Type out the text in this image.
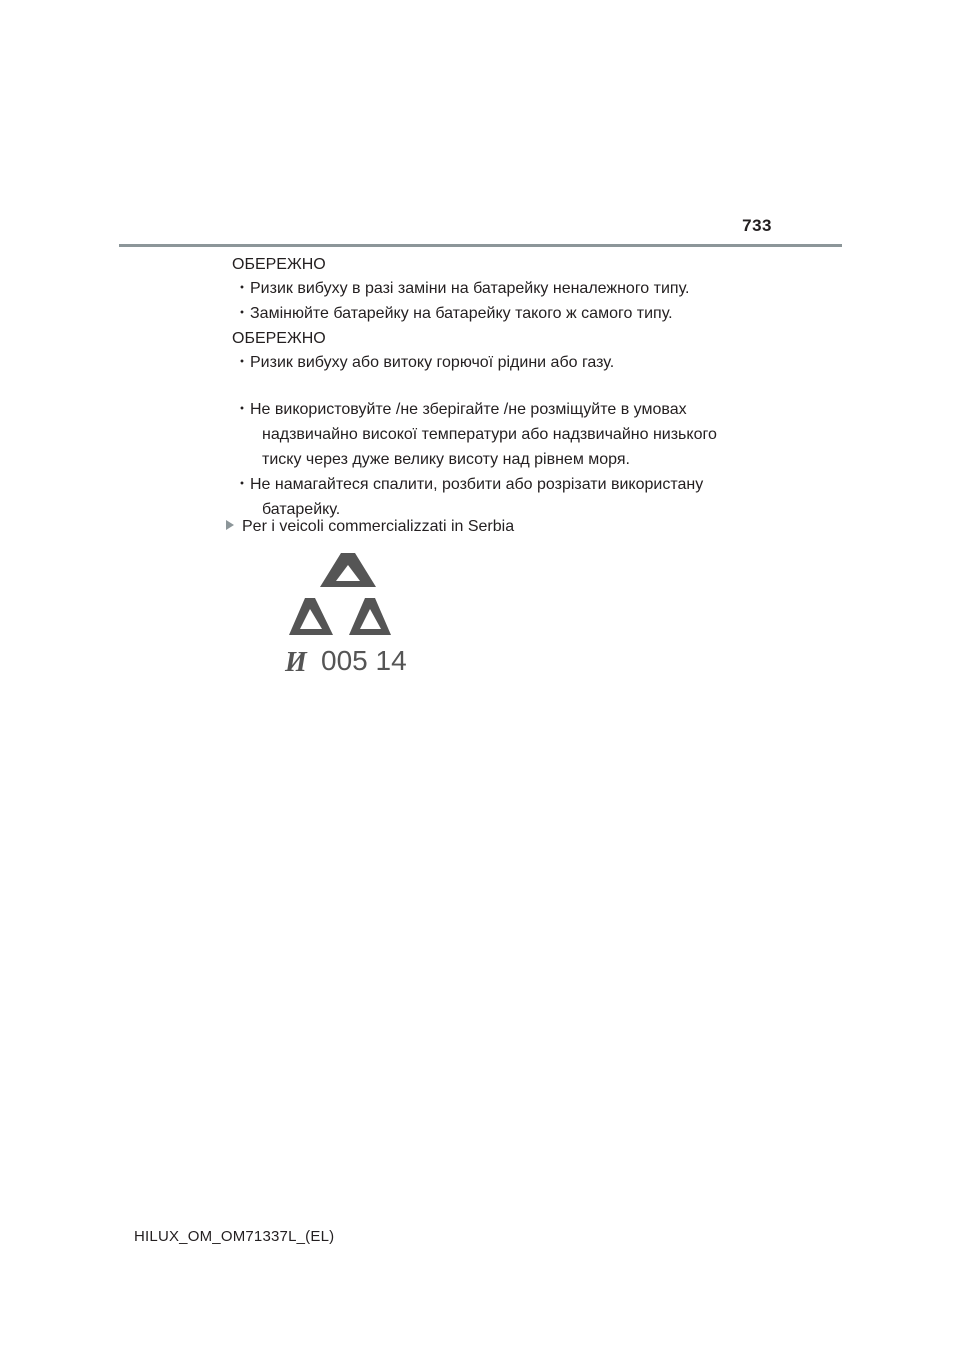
733

ОБЕРЕЖНО

･ Ризик вибуху в разі заміни на батарейку неналежного типу.

･ Замінюйте батарейку на батарейку такого ж самого типу.

ОБЕРЕЖНО

･ Ризик вибуху або витоку горючої рідини або газу.

･ Не використовуйте /не зберігайте /не розміщуйте в умовах
надзвичайно високої температури або надзвичайно низького
тиску через дуже велику висоту над рівнем моря.
･ Не намагайтеся спалити, розбити або розрізати використану
батарейку.
Per i veicoli commercializzati in Serbia
И 005 14
HILUX_OM_OM71337L_(EL)
